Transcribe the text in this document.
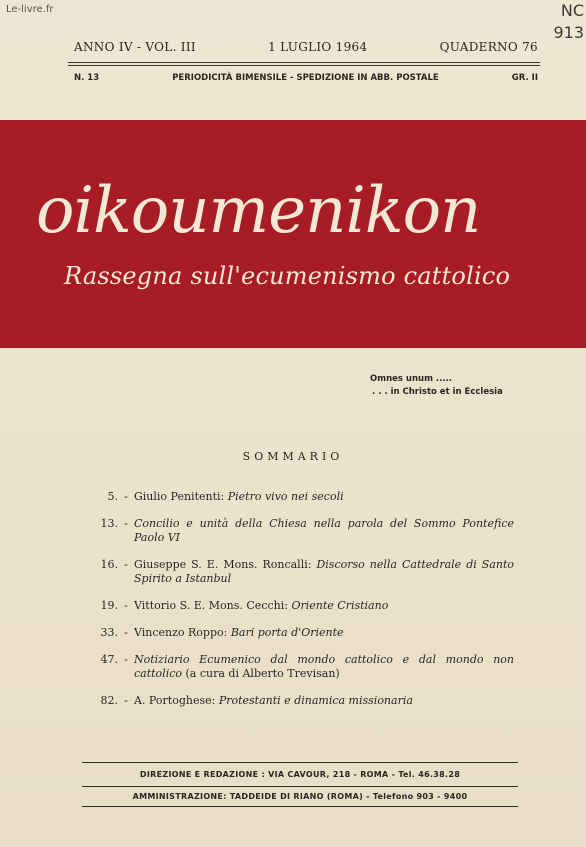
Le-livre.fr	NC
913
ANNO IV - VOL. III	1 LUGLIO 1964	QUADERNO 76
N. 13	PERIODICITÀ BIMENSILE - SPEDIZIONE IN ABB. POSTALE	GR. II
oikoumenikon
Rassegna sull'ecumenismo cattolico
Omnes unum .....
. . . in Christo et in Ecclesia
SOMMARIO
5. - Giulio Penitenti: Pietro vivo nei secoli
13. - Concilio e unità della Chiesa nella parola del Sommo Pontefice Paolo VI
16. - Giuseppe S. E. Mons. Roncalli: Discorso nella Cattedrale di Santo Spirito a Istanbul
19. - Vittorio S. E. Mons. Cecchi: Oriente Cristiano
33. - Vincenzo Roppo: Bari porta d'Oriente
47. - Notiziario Ecumenico dal mondo cattolico e dal mondo non cattolico (a cura di Alberto Trevisan)
82. - A. Portoghese: Protestanti e dinamica missionaria
DIREZIONE E REDAZIONE : VIA CAVOUR, 218 - ROMA - Tel. 46.38.28
AMMINISTRAZIONE: TADDEIDE DI RIANO (ROMA) - Telefono 903 - 9400
